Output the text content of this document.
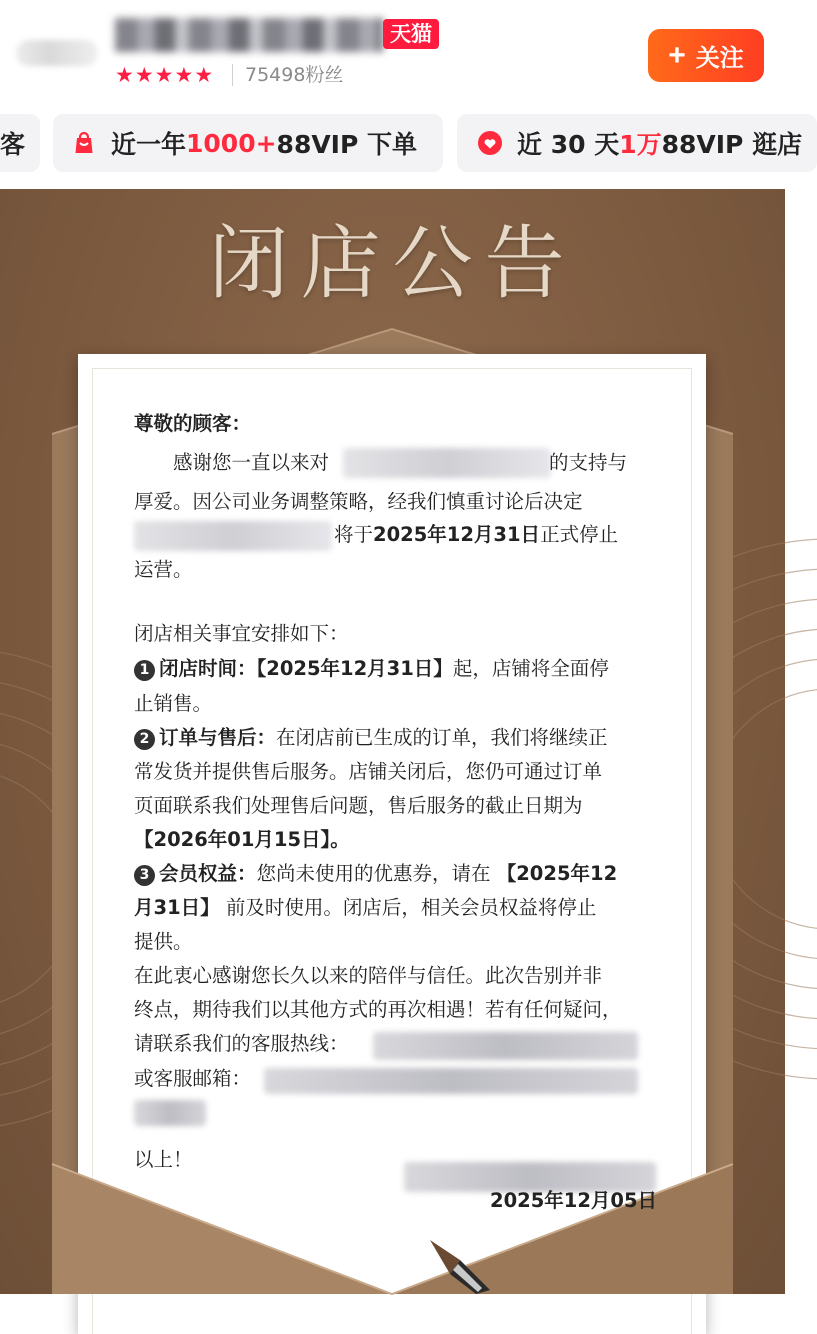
天猫
★ ★ ★ ★ ★ 75498粉丝
+ 关注
客	近一年 1000+ 88VIP 下单	近 30 天 1万 88VIP 逛店
闭店公告
尊敬的顾客：
感谢您一直以来对	的支持与
厚爱。因公司业务调整策略，经我们慎重讨论后决定
将于2025年12月31日正式停止
运营。
闭店相关事宜安排如下：
1 闭店时间：【2025年12月31日】起，店铺将全面停
止销售。
2 订单与售后：在闭店前已生成的订单，我们将继续正
常发货并提供售后服务。店铺关闭后，您仍可通过订单
页面联系我们处理售后问题，售后服务的截止日期为
【2026年01月15日】。
3 会员权益：您尚未使用的优惠券，请在 【2025年12
月31日】 前及时使用。闭店后，相关会员权益将停止
提供。
在此衷心感谢您长久以来的陪伴与信任。此次告别并非
终点，期待我们以其他方式的再次相遇！若有任何疑问，
请联系我们的客服热线：
或客服邮箱：
以上！
2025年12月05日
